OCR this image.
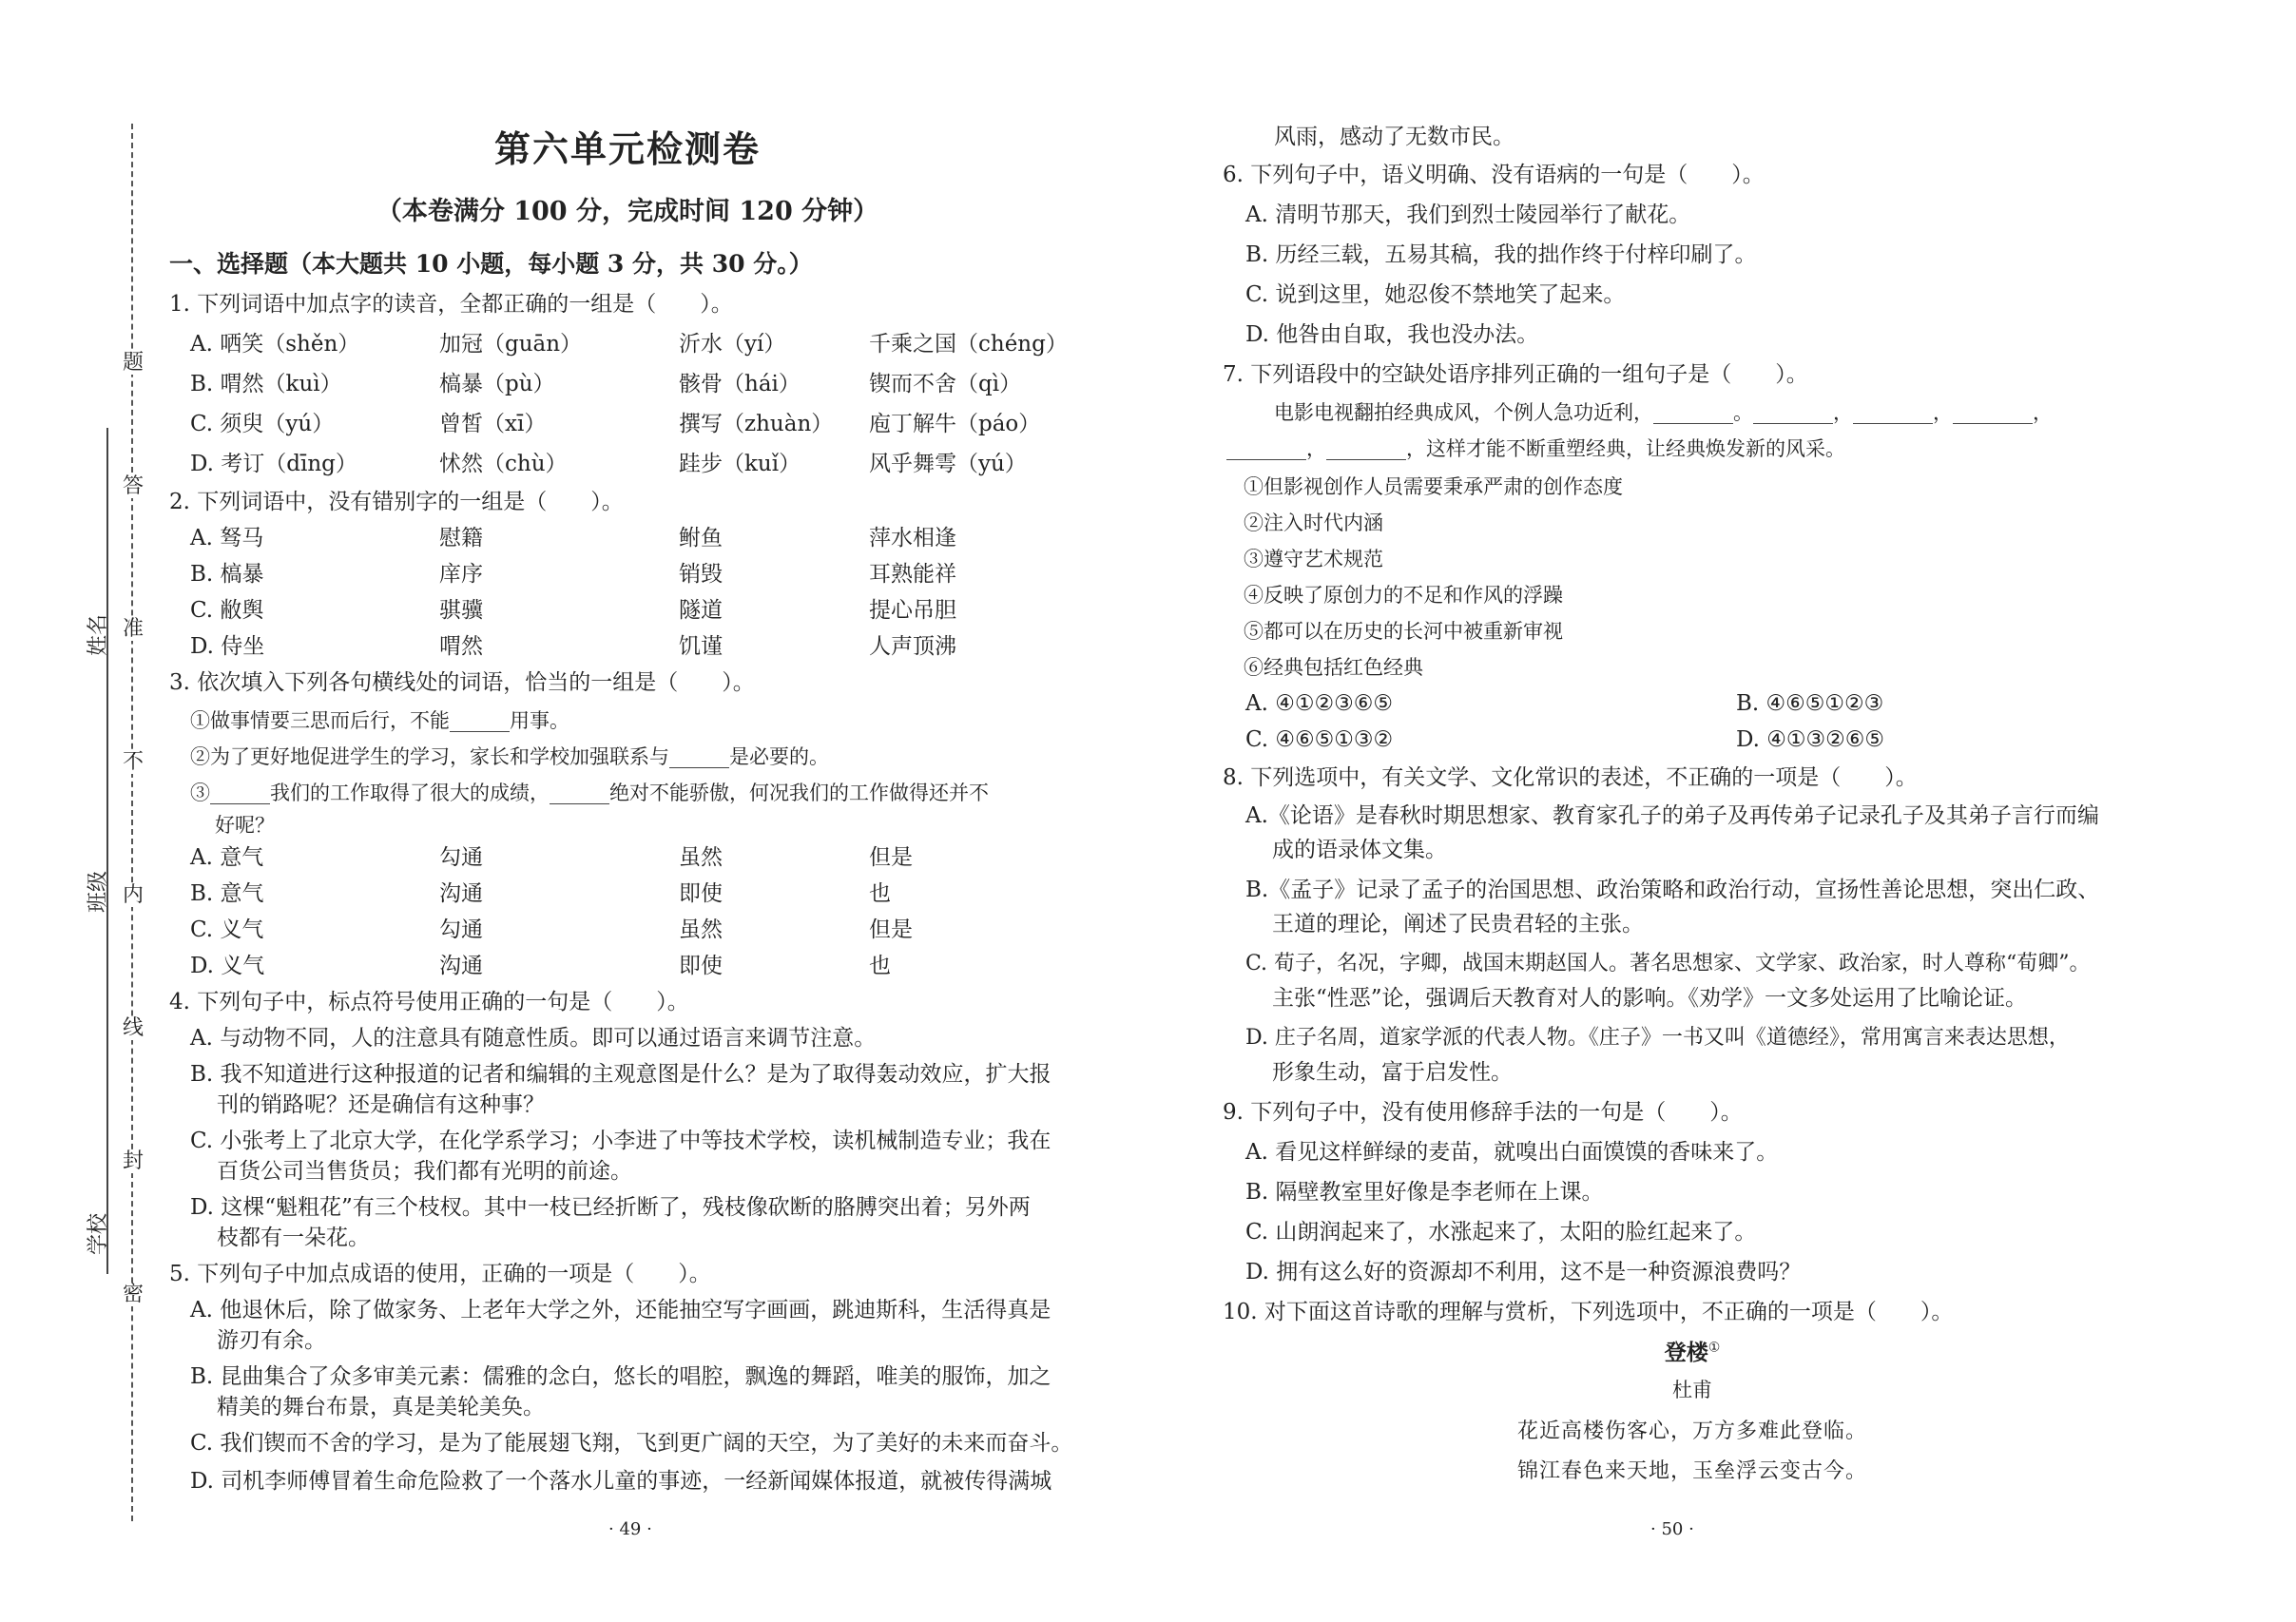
题
答
准
不
内
线
封
密
姓名
班级
学校
第六单元检测卷
（本卷满分 100 分，完成时间 120 分钟）
一、选择题（本大题共 10 小题，每小题 3 分，共 30 分。）
1. 下列词语中加点字的读音，全都正确的一组是（　　）。
A. 哂笑（shěn）	加冠（guān）	沂水（yí）	千乘之国（chéng）
B. 喟然（kuì）	槁暴（pù）	骸骨（hái）	锲而不舍（qì）
C. 须臾（yú）	曾皙（xī）	撰写（zhuàn） 庖丁解牛（páo）
D. 考订（dīng）	怵然（chù）	跬步（kuǐ）	风乎舞雩（yú）
2. 下列词语中，没有错别字的一组是（　　）。
A. 驽马	慰籍	鲋鱼	萍水相逢
B. 槁暴	庠序	销毁	耳熟能祥
C. 敝舆	骐骥	隧道	提心吊胆
D. 侍坐	喟然	饥谨	人声顶沸
3. 依次填入下列各句横线处的词语，恰当的一组是（　　）。
①做事情要三思而后行，不能______用事。
②为了更好地促进学生的学习，家长和学校加强联系与______是必要的。
③______我们的工作取得了很大的成绩，______绝对不能骄傲，何况我们的工作做得还并不
好呢？
A. 意气	勾通	虽然	但是
B. 意气	沟通	即使	也
C. 义气	勾通	虽然	但是
D. 义气	沟通	即使	也
4. 下列句子中，标点符号使用正确的一句是（　　）。
A. 与动物不同，人的注意具有随意性质。即可以通过语言来调节注意。
B. 我不知道进行这种报道的记者和编辑的主观意图是什么？是为了取得轰动效应，扩大报
刊的销路呢？还是确信有这种事？
C. 小张考上了北京大学，在化学系学习；小李进了中等技术学校，读机械制造专业；我在
百货公司当售货员；我们都有光明的前途。
D. 这棵“魁粗花”有三个枝杈。其中一枝已经折断了，残枝像砍断的胳膊突出着；另外两
枝都有一朵花。
5. 下列句子中加点成语的使用，正确的一项是（　　）。
A. 他退休后，除了做家务、上老年大学之外，还能抽空写字画画，跳迪斯科，生活得真是
游刃有余。
B. 昆曲集合了众多审美元素：儒雅的念白，悠长的唱腔，飘逸的舞蹈，唯美的服饰，加之
精美的舞台布景，真是美轮美奂。
C. 我们锲而不舍的学习，是为了能展翅飞翔，飞到更广阔的天空，为了美好的未来而奋斗。
D. 司机李师傅冒着生命危险救了一个落水儿童的事迹，一经新闻媒体报道，就被传得满城
· 49 ·
风雨，感动了无数市民。
6. 下列句子中，语义明确、没有语病的一句是（　　）。
A. 清明节那天，我们到烈士陵园举行了献花。
B. 历经三载，五易其稿，我的拙作终于付梓印刷了。
C. 说到这里，她忍俊不禁地笑了起来。
D. 他咎由自取，我也没办法。
7. 下列语段中的空缺处语序排列正确的一组句子是（　　）。
电影电视翻拍经典成风，个例人急功近利，________。________，________，________，
________，________，这样才能不断重塑经典，让经典焕发新的风采。
①但影视创作人员需要秉承严肃的创作态度
②注入时代内涵
③遵守艺术规范
④反映了原创力的不足和作风的浮躁
⑤都可以在历史的长河中被重新审视
⑥经典包括红色经典
A. ④①②③⑥⑤	B. ④⑥⑤①②③
C. ④⑥⑤①③②	D. ④①③②⑥⑤
8. 下列选项中，有关文学、文化常识的表述，不正确的一项是（　　）。
A.《论语》是春秋时期思想家、教育家孔子的弟子及再传弟子记录孔子及其弟子言行而编
成的语录体文集。
B.《孟子》记录了孟子的治国思想、政治策略和政治行动，宣扬性善论思想，突出仁政、
王道的理论，阐述了民贵君轻的主张。
C. 荀子，名况，字卿，战国末期赵国人。著名思想家、文学家、政治家，时人尊称“荀卿”。
主张“性恶”论，强调后天教育对人的影响。《劝学》一文多处运用了比喻论证。
D. 庄子名周，道家学派的代表人物。《庄子》一书又叫《道德经》，常用寓言来表达思想，
形象生动，富于启发性。
9. 下列句子中，没有使用修辞手法的一句是（　　）。
A. 看见这样鲜绿的麦苗，就嗅出白面馍馍的香味来了。
B. 隔壁教室里好像是李老师在上课。
C. 山朗润起来了，水涨起来了，太阳的脸红起来了。
D. 拥有这么好的资源却不利用，这不是一种资源浪费吗？
10. 对下面这首诗歌的理解与赏析，下列选项中，不正确的一项是（　　）。
登楼①
杜甫
花近高楼伤客心，万方多难此登临。
锦江春色来天地，玉垒浮云变古今。
· 50 ·
